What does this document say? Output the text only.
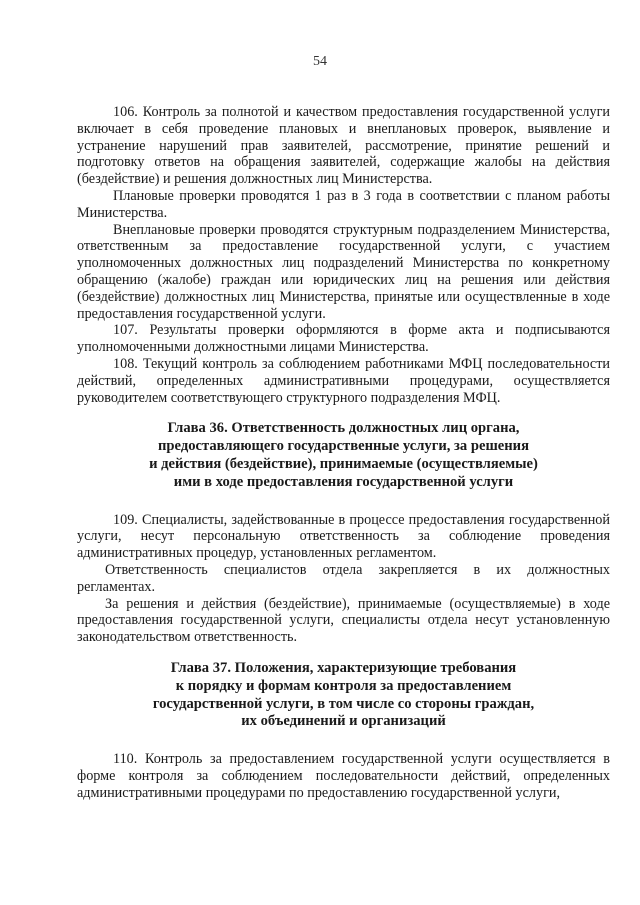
54

106. Контроль за полнотой и качеством предоставления государственной услуги включает в себя проведение плановых и внеплановых проверок, выявление и устранение нарушений прав заявителей, рассмотрение, принятие решений и подготовку ответов на обращения заявителей, содержащие жалобы на действия (бездействие) и решения должностных лиц Министерства.

Плановые проверки проводятся 1 раз в 3 года в соответствии с планом работы Министерства.

Внеплановые проверки проводятся структурным подразделением Министерства, ответственным за предоставление государственной услуги, с участием уполномоченных должностных лиц подразделений Министерства по конкретному обращению (жалобе) граждан или юридических лиц на решения или действия (бездействие) должностных лиц Министерства, принятые или осуществленные в ходе предоставления государственной услуги.

107. Результаты проверки оформляются в форме акта и подписываются уполномоченными должностными лицами Министерства.

108. Текущий контроль за соблюдением работниками МФЦ последовательности действий, определенных административными процедурами, осуществляется руководителем соответствующего структурного подразделения МФЦ.

Глава 36. Ответственность должностных лиц органа,
предоставляющего государственные услуги, за решения
и действия (бездействие), принимаемые (осуществляемые)
ими в ходе предоставления государственной услуги

109. Специалисты, задействованные в процессе предоставления государственной услуги, несут персональную ответственность за соблюдение проведения административных процедур, установленных регламентом.

Ответственность специалистов отдела закрепляется в их должностных регламентах.

За решения и действия (бездействие), принимаемые (осуществляемые) в ходе предоставления государственной услуги, специалисты отдела несут установленную законодательством ответственность.

Глава 37. Положения, характеризующие требования
к порядку и формам контроля за предоставлением
государственной услуги, в том числе со стороны граждан,
их объединений и организаций

110. Контроль за предоставлением государственной услуги осуществляется в форме контроля за соблюдением последовательности действий, определенных административными процедурами по предоставлению государственной услуги,
